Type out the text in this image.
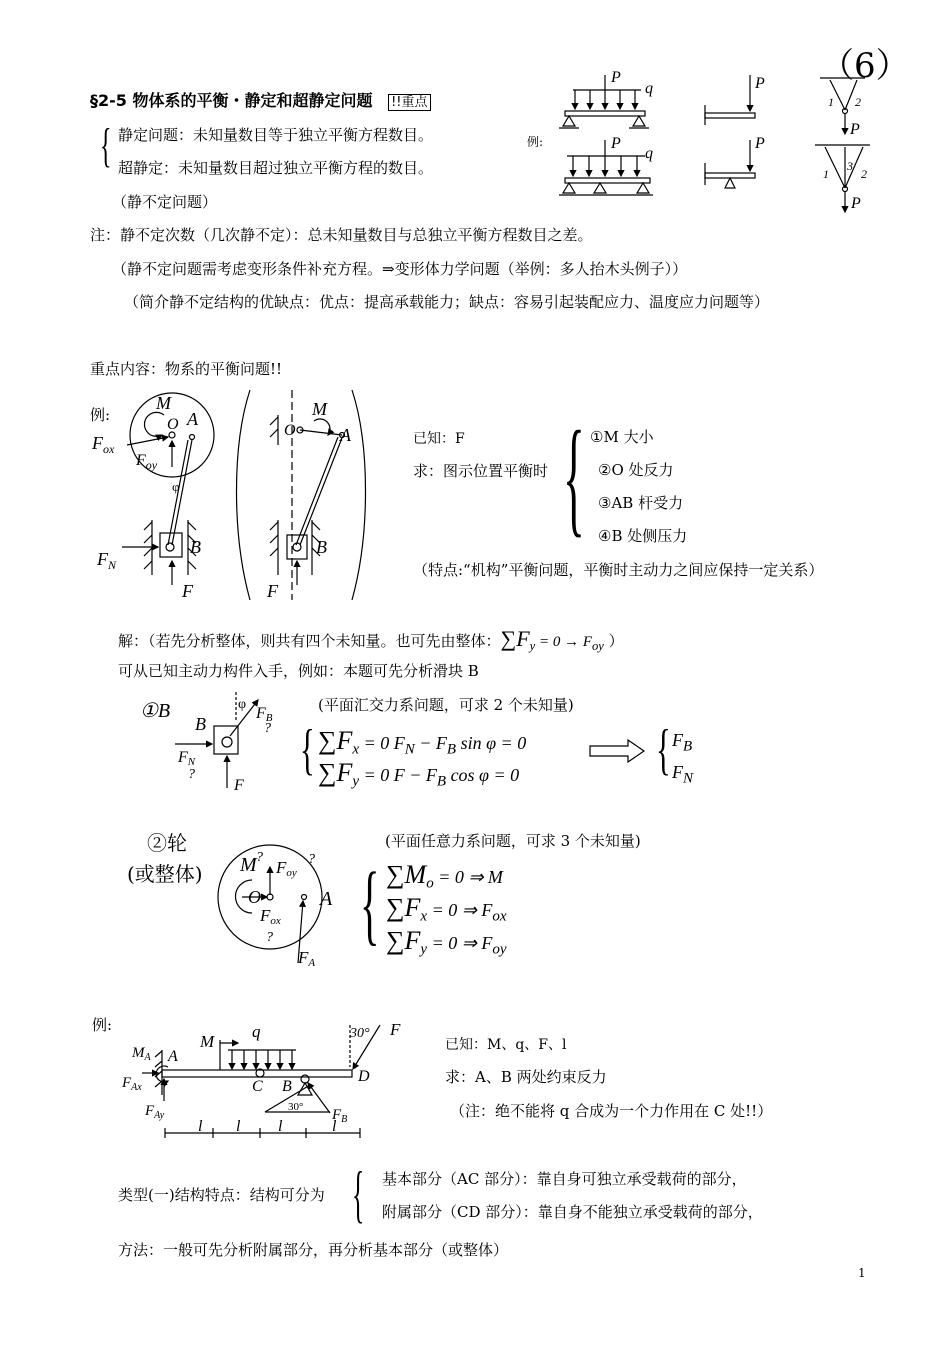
（6）
§2-5 物体系的平衡・静定和超静定问题 !!重点
{ 静定问题：未知量数目等于独立平衡方程数目。
超静定：未知量数目超过独立平衡方程的数目。
（静不定问题）
例:
P
q
P
q
P
P
1 2
P
1
3
2
P
注：静不定次数（几次静不定）：总未知量数目与总独立平衡方程数目之差。
（静不定问题需考虑变形条件补充方程。⇒变形体力学问题（举例：多人抬木头例子））
（简介静不定结构的优缺点：优点：提高承载能力；缺点：容易引起装配应力、温度应力问题等）
重点内容：物系的平衡问题!!
例:
M
O A
$F_{ox}$
$F_{oy}$
φ
B
$F_N$
F
M
O A
B
F
已知：F
求：图示位置平衡时 { ①M 大小
②O 处反力
③AB 杆受力
④B 处侧压力
（特点:“机构”平衡问题，平衡时主动力之间应保持一定关系）
解：（若先分析整体，则共有四个未知量。也可先由整体：$\sum F_y = 0 \to F_{oy}$ ）
可从已知主动力构件入手，例如：本题可先分析滑块 B
①B	φ
FB
?
B
FN
?
F
(平面汇交力系问题，可求 2 个未知量)
{ $\sum F_x = 0$ $F_N - F_B$ sin φ = 0
$\sum F_y = 0$ $F - F_B$ cos φ = 0 { $F_B$
$F_N$
②轮
(或整体) M ?
Foy
?
O
Fox
?
A
FA
(平面任意力系问题，可求 3 个未知量)
{ $\sum M_o = 0$ ⇒ M
$\sum F_x = 0$ ⇒ $F_{ox}$
$\sum F_y = 0$ ⇒ $F_{oy}$
例:
M
q	30° F
$M_A$ A
$F_{Ax}$
$F_{Ay}$
C B
D
30° $F_B$
l l l	l
已知：M、q、F、l
求：A、B 两处约束反力
（注：绝不能将 q 合成为一个力作用在 C 处!!）
类型(一)结构特点：结构可分为 { 基本部分（AC 部分）：靠自身可独立承受载荷的部分，
附属部分（CD 部分）：靠自身不能独立承受载荷的部分，
方法：一般可先分析附属部分，再分析基本部分（或整体）
1
